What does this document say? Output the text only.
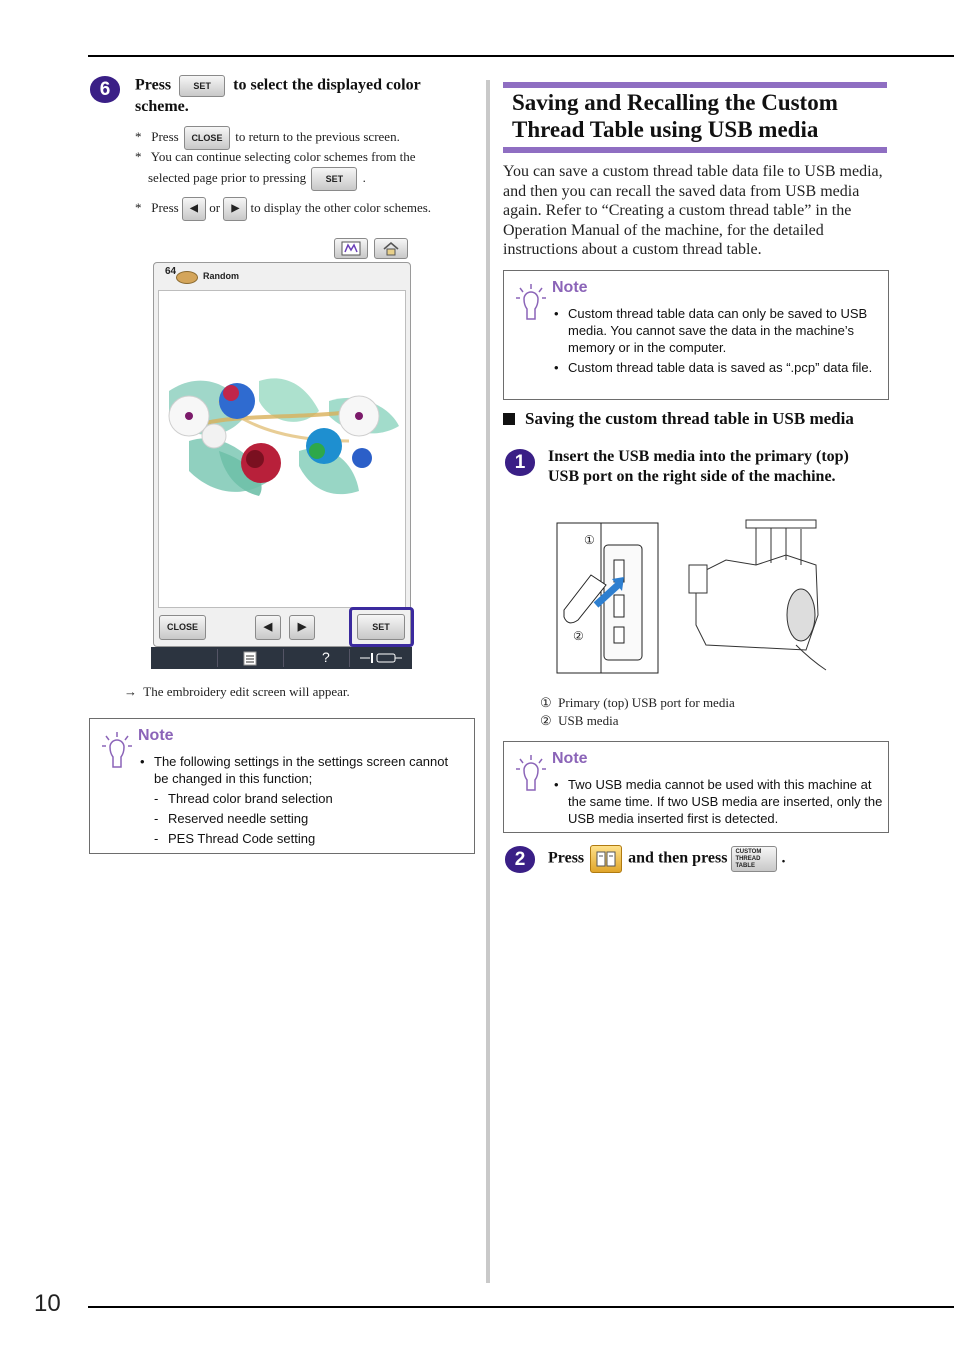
10
6	Press SET to select the displayed color
scheme.
* Press CLOSE to return to the previous screen.
* You can continue selecting color schemes from the
selected page prior to pressing SET .
* Press ◀ or ▶ to display the other color schemes.
64	Random
CLOSE	◀	▶	SET
?
→ The embroidery edit screen will appear.
Note
• The following settings in the settings screen cannot be changed in this function;
- Thread color brand selection
- Reserved needle setting
- PES Thread Code setting
Saving and Recalling the Custom
Thread Table using USB media
You can save a custom thread table data file to USB media, and then you can recall the saved data from USB media again. Refer to “Creating a custom thread table” in the Operation Manual of the machine, for the detailed instructions about a custom thread table.
Note
• Custom thread table data can only be saved to USB media. You cannot save the data in the machine’s memory or in the computer.
• Custom thread table data is saved as “.pcp” data file.
Saving the custom thread table in USB media
1	Insert the USB media into the primary (top) USB port on the right side of the machine.
①
②
① Primary (top) USB port for media
② USB media
Note
• Two USB media cannot be used with this machine at the same time. If two USB media are inserted, only the USB media inserted first is detected.
2	Press	and then press CUSTOM THREAD TABLE .
